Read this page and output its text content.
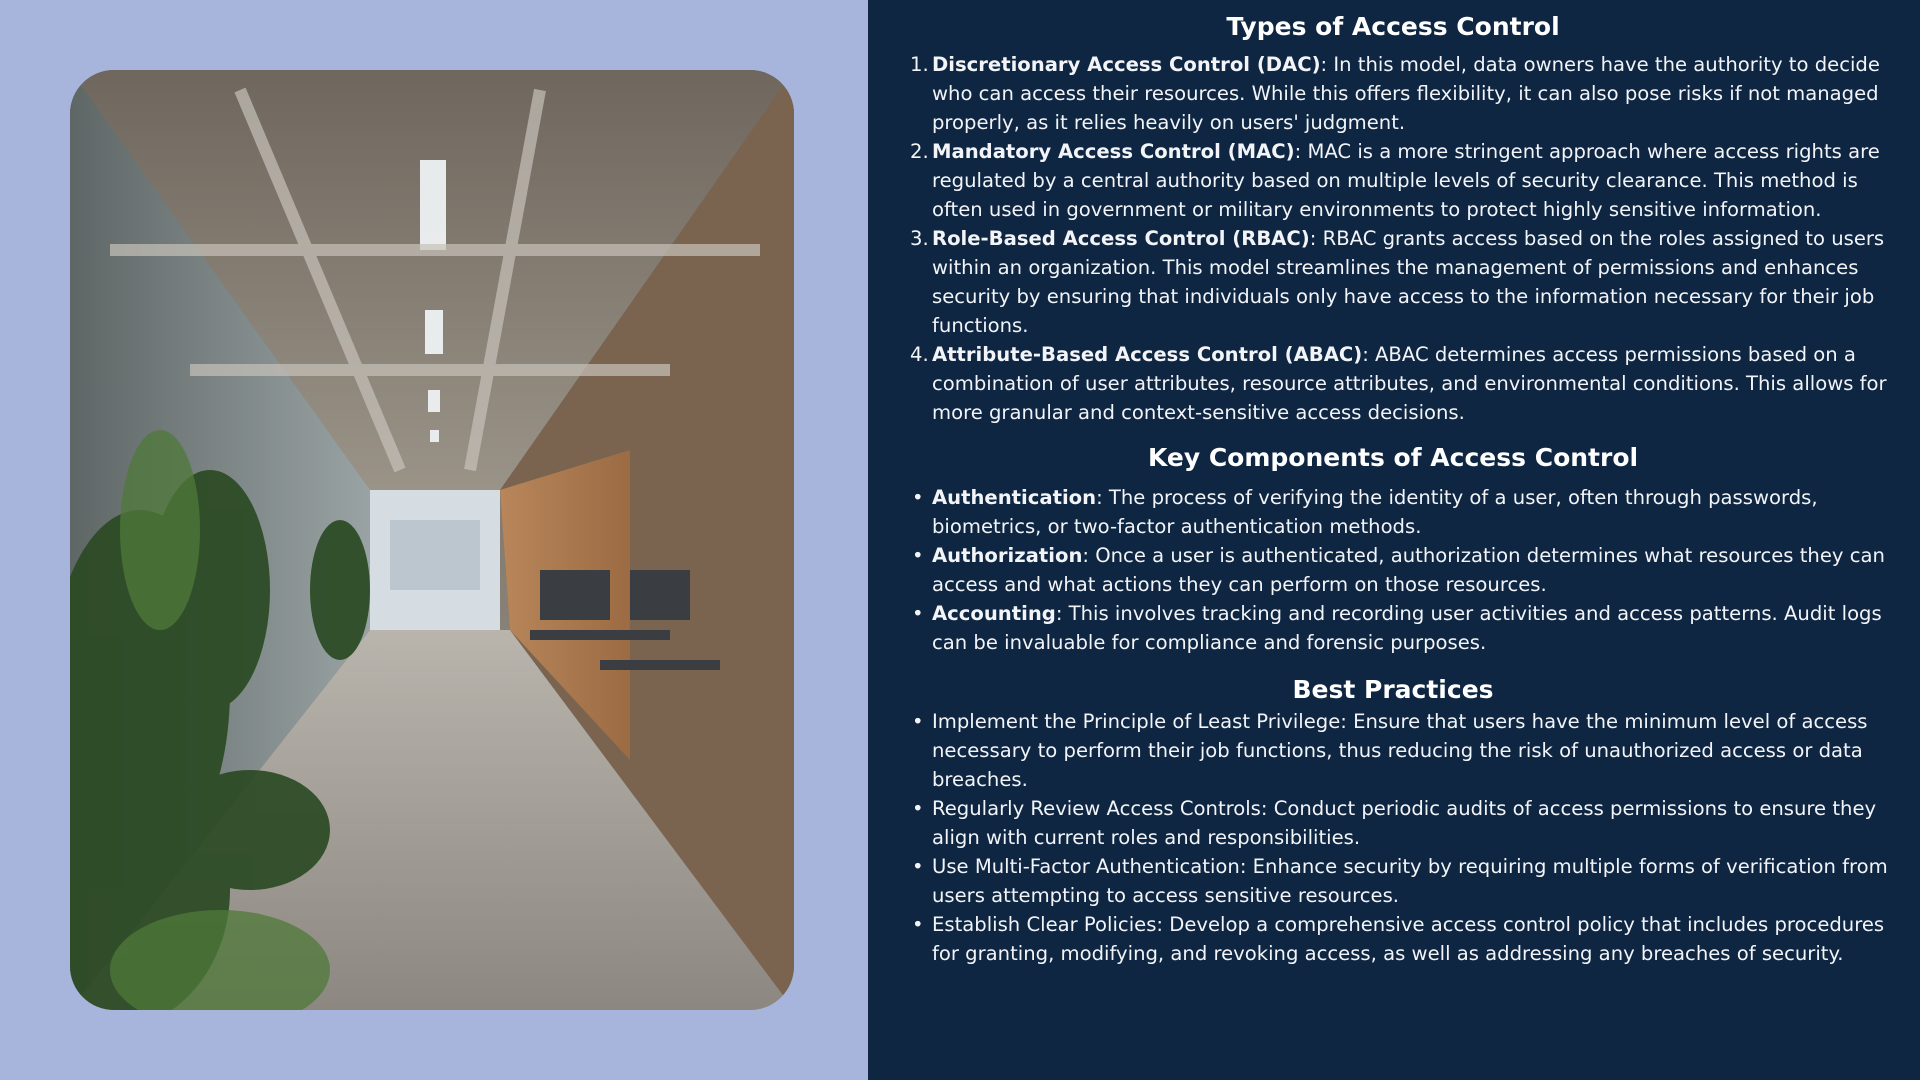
Types of Access Control
1. Discretionary Access Control (DAC): In this model, data owners have the authority to decide who can access their resources. While this offers flexibility, it can also pose risks if not managed properly, as it relies heavily on users' judgment.
2. Mandatory Access Control (MAC): MAC is a more stringent approach where access rights are regulated by a central authority based on multiple levels of security clearance. This method is often used in government or military environments to protect highly sensitive information.
3. Role-Based Access Control (RBAC): RBAC grants access based on the roles assigned to users within an organization. This model streamlines the management of permissions and enhances security by ensuring that individuals only have access to the information necessary for their job functions.
4. Attribute-Based Access Control (ABAC): ABAC determines access permissions based on a combination of user attributes, resource attributes, and environmental conditions. This allows for more granular and context-sensitive access decisions.
Key Components of Access Control
• Authentication: The process of verifying the identity of a user, often through passwords, biometrics, or two-factor authentication methods.
• Authorization: Once a user is authenticated, authorization determines what resources they can access and what actions they can perform on those resources.
• Accounting: This involves tracking and recording user activities and access patterns. Audit logs can be invaluable for compliance and forensic purposes.
Best Practices
• Implement the Principle of Least Privilege: Ensure that users have the minimum level of access necessary to perform their job functions, thus reducing the risk of unauthorized access or data breaches.
• Regularly Review Access Controls: Conduct periodic audits of access permissions to ensure they align with current roles and responsibilities.
• Use Multi-Factor Authentication: Enhance security by requiring multiple forms of verification from users attempting to access sensitive resources.
• Establish Clear Policies: Develop a comprehensive access control policy that includes procedures for granting, modifying, and revoking access, as well as addressing any breaches of security.
